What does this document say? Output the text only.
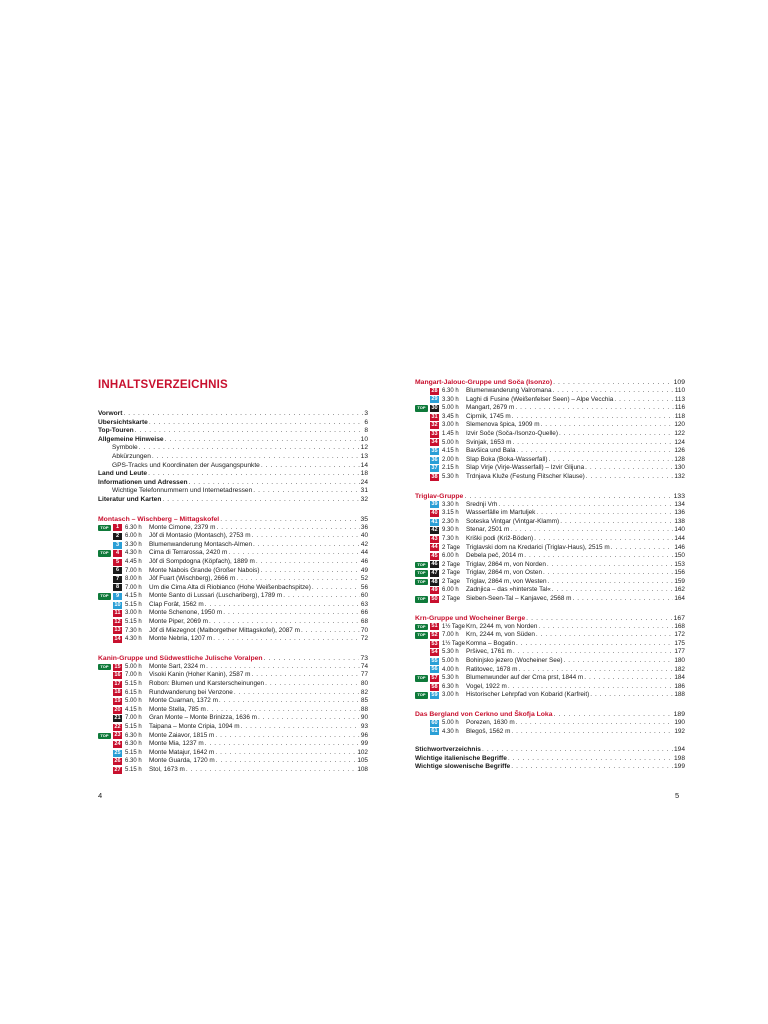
INHALTSVERZEICHNIS
Vorwort . . .	3
Übersichtskarte . . .	6
Top-Touren . . .	8
Allgemeine Hinweise . . .	10
Symbole . . .	12
Abkürzungen . . .	13
GPS-Tracks und Koordinaten der Ausgangspunkte . . .	14
Land und Leute . . .	18
Informationen und Adressen . . .	24
Wichtige Telefonnummern und Internetadressen . . .	31
Literatur und Karten . . .	32
Montasch – Wischberg – Mittagskofel . . .	35
TOP	1 6.30 h	Monte Cimone, 2379 m . . .	36
2 6.00 h	Jôf di Montasio (Montasch), 2753 m . . .	40
3 3.30 h	Blumenwanderung Montasch-Almen . . .	42
TOP	4 4.30 h	Cima di Terrarossa, 2420 m . . .	44
5 4.45 h	Jôf di Sompdogna (Köpfach), 1889 m . . .	46
6 7.00 h	Monte Nabois Grande (Großer Nabois) . . .	49
7 8.00 h	Jôf Fuart (Wischberg), 2666 m . . .	52
8 7.00 h	Um die Cima Alta di Riobianco (Hohe Weißenbachspitze) . . .	56
TOP	9 4.15 h	Monte Santo di Lussari (Luschariberg), 1789 m . . .	60
10 5.15 h	Clap Forât, 1562 m . . .	63
11 3.00 h	Monte Schenone, 1950 m . . .	66
12 5.15 h	Monte Piper, 2069 m . . .	68
13 7.30 h	Jôf di Miezegnot (Malborgether Mittagskofel), 2087 m . . .	70
14 4.30 h	Monte Nebria, 1207 m . . .	72
Kanin-Gruppe und Südwestliche Julische Voralpen . . .	73
TOP	15 5.00 h	Monte Sart, 2324 m . . .	74
16 7.00 h	Visoki Kanin (Hoher Kanin), 2587 m . . .	77
17 5.15 h	Robon: Blumen und Karsterscheinungen . . .	80
18 6.15 h	Rundwanderung bei Venzone . . .	82
19 5.00 h	Monte Cuarnan, 1372 m . . .	85
20 4.15 h	Monte Stella, 785 m . . .	88
21 7.00 h	Gran Monte – Monte Brinizza, 1636 m . . .	90
22 5.15 h	Taipana – Monte Cripia, 1094 m . . .	93
TOP	23 6.30 h	Monte Zaiavor, 1815 m . . .	96
24 6.30 h	Monte Mia, 1237 m . . .	99
25 5.15 h	Monte Matajur, 1642 m . . .	102
26 6.30 h	Monte Guarda, 1720 m . . .	105
27 5.15 h	Stol, 1673 m . . .	108
Mangart-Jalouc-Gruppe und Soča (Isonzo) . . .	109
28 6.30 h	Blumenwanderung Valromana . . .	110
29 3.30 h	Laghi di Fusine (Weißenfelser Seen) – Alpe Vecchia . . .	113
TOP	30 5.00 h	Mangart, 2679 m . . .	116
31 3.45 h	Ciprnik, 1745 m . . .	118
32 3.00 h	Slemenova špica, 1909 m . . .	120
33 1.45 h	Izvir Soče (Soča-/Isonzo-Quelle) . . .	122
34 5.00 h	Svinjak, 1653 m . . .	124
35 4.15 h	Bavšica und Bala . . .	126
36 2.00 h	Slap Boka (Boka-Wasserfall) . . .	128
37 2.15 h	Slap Virje (Virje-Wasserfall) – Izvir Glijuna . . .	130
38 5.30 h	Trdnjava Kluže (Festung Flitscher Klause) . . .	132
Triglav-Gruppe . . .	133
39 3.30 h	Srednji Vrh . . .	134
40 3.15 h	Wasserfälle im Martuljek . . .	136
41 2.30 h	Soteska Vintgar (Vintgar-Klamm) . . .	138
42 9.30 h	Stenar, 2501 m . . .	140
43 7.30 h	Kriški podi (Križ-Böden) . . .	144
44 2 Tage Triglavski dom na Kredarici (Triglav-Haus), 2515 m . . .	146
45 6.00 h	Debela peč, 2014 m . . .	150
TOP	46 2 Tage Triglav, 2864 m, von Norden . . .	153
TOP	47 2 Tage Triglav, 2864 m, von Osten . . .	156
TOP	48 2 Tage Triglav, 2864 m, von Westen . . .	159
49 6.00 h	Zadnjica – das »hinterste Tal« . . .	162
TOP	50 2 Tage Sieben-Seen-Tal – Kanjavec, 2568 m . . .	164
Krn-Gruppe und Wocheiner Berge . . .	167
TOP	51 1½ Tage Krn, 2244 m, von Norden . . .	168
TOP	52 7.00 h	Krn, 2244 m, von Süden . . .	172
53 1½ Tage Komna – Bogatin . . .	175
54 5.30 h	Pršivec, 1761 m . . .	177
55 5.00 h	Bohinjsko jezero (Wocheiner See) . . .	180
56 4.00 h	Ratitovec, 1678 m . . .	182
TOP	57 5.30 h	Blumenwunder auf der Črna prst, 1844 m . . .	184
58 6.30 h	Vogel, 1922 m . . .	186
TOP	59 3.00 h	Historischer Lehrpfad von Kobarid (Karfreit) . . .	188
Das Bergland von Cerkno und Škofja Loka . . .	189
60 5.00 h	Porezen, 1630 m . . .	190
61 4.30 h	Blegoš, 1562 m . . .	192
Stichwortverzeichnis . . .	194
Wichtige italienische Begriffe . . .	198
Wichtige slowenische Begriffe . . .	199
4	5
